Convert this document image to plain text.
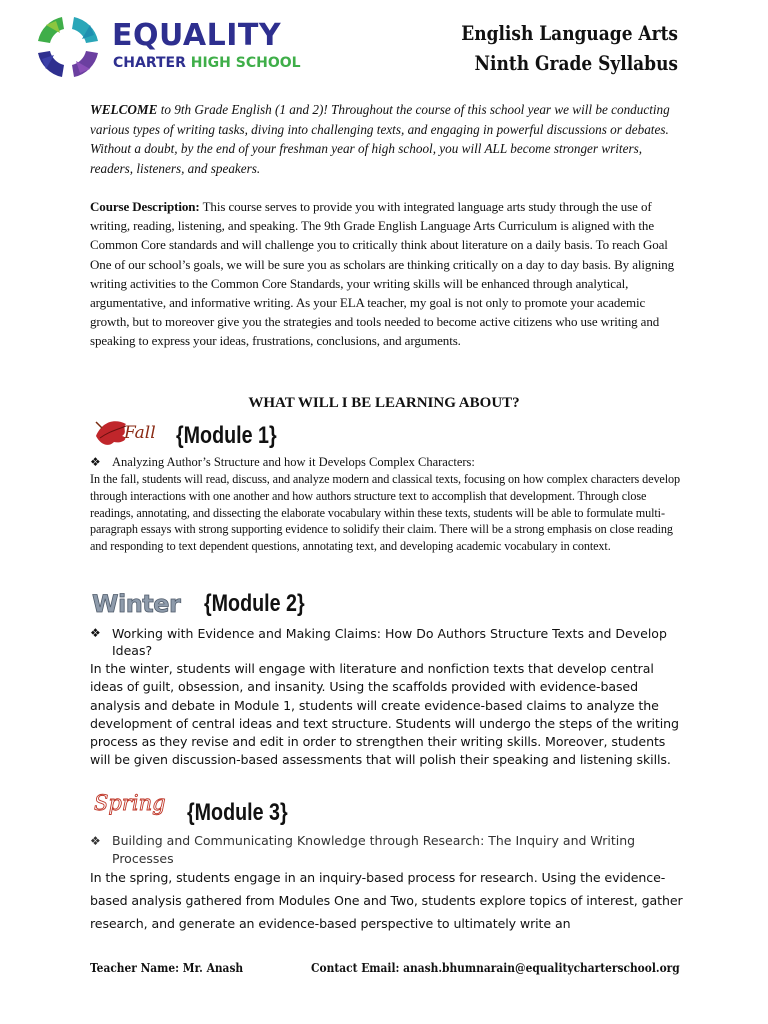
EQUALITY
CHARTER HIGH SCHOOL
English Language Arts
Ninth Grade Syllabus
WELCOME to 9th Grade English (1 and 2)! Throughout the course of this school year we will be conducting various types of writing tasks, diving into challenging texts, and engaging in powerful discussions or debates. Without a doubt, by the end of your freshman year of high school, you will ALL become stronger writers, readers, listeners, and speakers.
Course Description: This course serves to provide you with integrated language arts study through the use of writing, reading, listening, and speaking. The 9th Grade English Language Arts Curriculum is aligned with the Common Core standards and will challenge you to critically think about literature on a daily basis. To reach Goal One of our school’s goals, we will be sure you as scholars are thinking critically on a day to day basis. By aligning writing activities to the Common Core Standards, your writing skills will be enhanced through analytical, argumentative, and informative writing. As your ELA teacher, my goal is not only to promote your academic growth, but to moreover give you the strategies and tools needed to become active citizens who use writing and speaking to express your ideas, frustrations, conclusions, and arguments.
WHAT WILL I BE LEARNING ABOUT?
Fall {Module 1}
❖ Analyzing Author’s Structure and how it Develops Complex Characters:
In the fall, students will read, discuss, and analyze modern and classical texts, focusing on how complex characters develop through interactions with one another and how authors structure text to accomplish that development. Through close readings, annotating, and dissecting the elaborate vocabulary within these texts, students will be able to formulate multi-paragraph essays with strong supporting evidence to solidify their claim. There will be a strong emphasis on close reading and responding to text dependent questions, annotating text, and developing academic vocabulary in context.
Winter {Module 2}
❖ Working with Evidence and Making Claims: How Do Authors Structure Texts and Develop Ideas?
In the winter, students will engage with literature and nonfiction texts that develop central ideas of guilt, obsession, and insanity. Using the scaffolds provided with evidence-based analysis and debate in Module 1, students will create evidence-based claims to analyze the development of central ideas and text structure. Students will undergo the steps of the writing process as they revise and edit in order to strengthen their writing skills. Moreover, students will be given discussion-based assessments that will polish their speaking and listening skills.
Spring {Module 3}
❖ Building and Communicating Knowledge through Research: The Inquiry and Writing Processes
In the spring, students engage in an inquiry-based process for research. Using the evidence-based analysis gathered from Modules One and Two, students explore topics of interest, gather research, and generate an evidence-based perspective to ultimately write an
Teacher Name: Mr. Anash	Contact Email: anash.bhumnarain@equalitycharterschool.org
